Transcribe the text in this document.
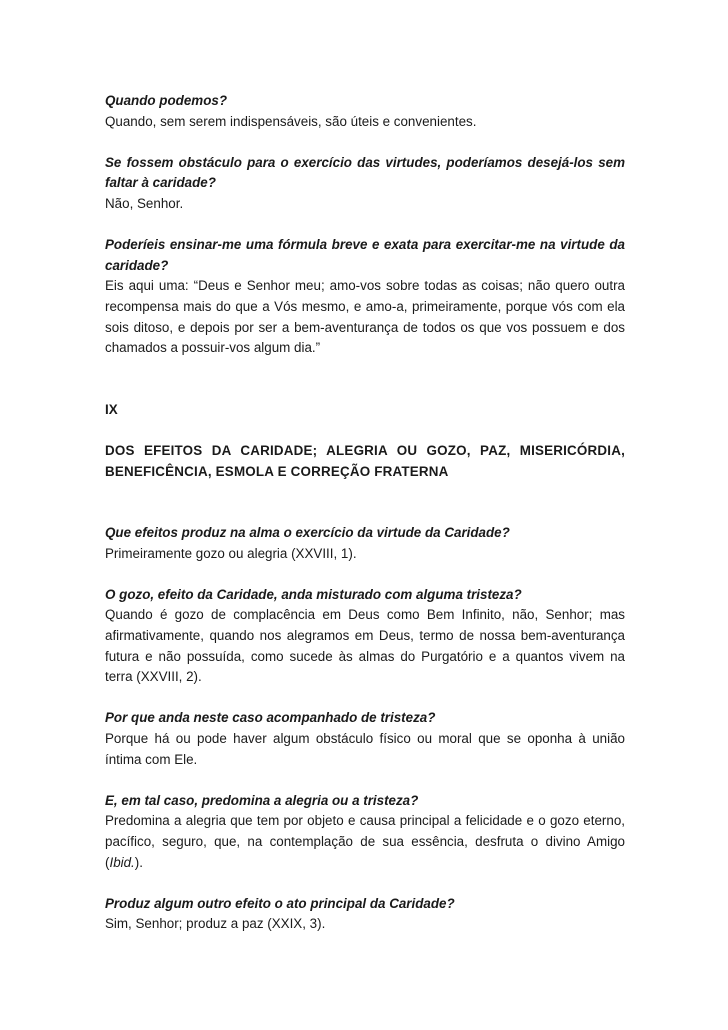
Quando podemos?

Quando, sem serem indispensáveis, são úteis e convenientes.

Se fossem obstáculo para o exercício das virtudes, poderíamos desejá-los sem faltar à caridade?

Não, Senhor.

Poderíeis ensinar-me uma fórmula breve e exata para exercitar-me na virtude da caridade?

Eis aqui uma: “Deus e Senhor meu; amo-vos sobre todas as coisas; não quero outra recompensa mais do que a Vós mesmo, e amo-a, primeiramente, porque vós com ela sois ditoso, e depois por ser a bem-aventurança de todos os que vos possuem e dos chamados a possuir-vos algum dia.”

IX

DOS EFEITOS DA CARIDADE; ALEGRIA OU GOZO, PAZ, MISERICÓRDIA, BENEFICÊNCIA, ESMOLA E CORREÇÃO FRATERNA

Que efeitos produz na alma o exercício da virtude da Caridade?

Primeiramente gozo ou alegria (XXVIII, 1).

O gozo, efeito da Caridade, anda misturado com alguma tristeza?

Quando é gozo de complacência em Deus como Bem Infinito, não, Senhor; mas afirmativamente, quando nos alegramos em Deus, termo de nossa bem-aventurança futura e não possuída, como sucede às almas do Purgatório e a quantos vivem na terra (XXVIII, 2).

Por que anda neste caso acompanhado de tristeza?

Porque há ou pode haver algum obstáculo físico ou moral que se oponha à união íntima com Ele.

E, em tal caso, predomina a alegria ou a tristeza?

Predomina a alegria que tem por objeto e causa principal a felicidade e o gozo eterno, pacífico, seguro, que, na contemplação de sua essência, desfruta o divino Amigo (Ibid.).

Produz algum outro efeito o ato principal da Caridade?

Sim, Senhor; produz a paz (XXIX, 3).
